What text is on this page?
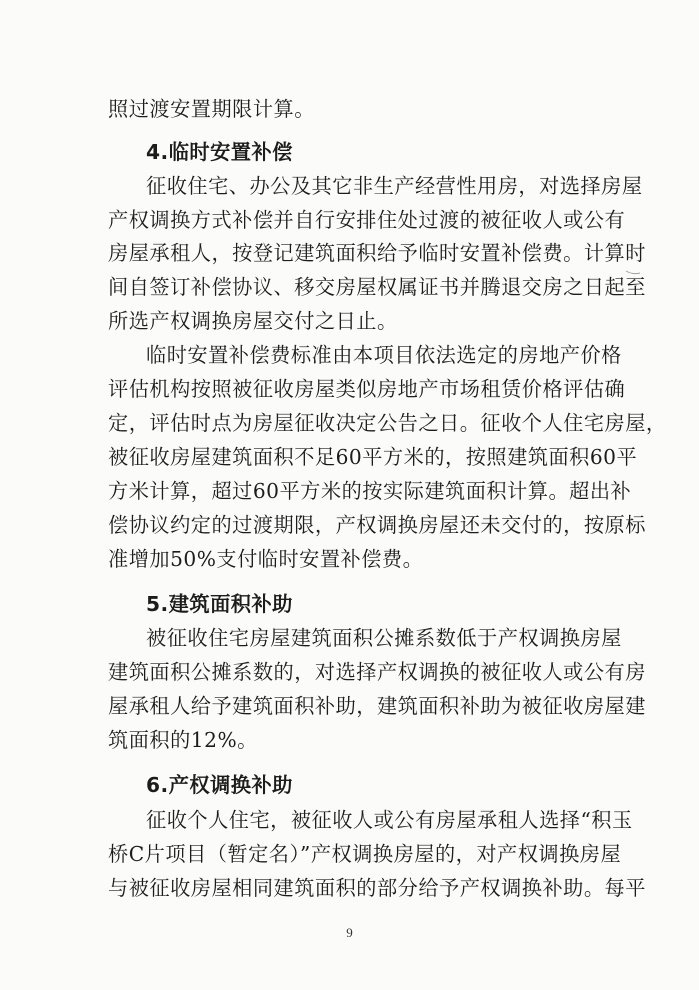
照过渡安置期限计算。
4.临时安置补偿
征收住宅、办公及其它非生产经营性用房，对选择房屋
产权调换方式补偿并自行安排住处过渡的被征收人或公有
房屋承租人，按登记建筑面积给予临时安置补偿费。计算时
间自签订补偿协议、移交房屋权属证书并腾退交房之日起至
所选产权调换房屋交付之日止。
临时安置补偿费标准由本项目依法选定的房地产价格
评估机构按照被征收房屋类似房地产市场租赁价格评估确
定，评估时点为房屋征收决定公告之日。征收个人住宅房屋，
被征收房屋建筑面积不足60平方米的，按照建筑面积60平
方米计算，超过60平方米的按实际建筑面积计算。超出补
偿协议约定的过渡期限，产权调换房屋还未交付的，按原标
准增加50%支付临时安置补偿费。
5.建筑面积补助
被征收住宅房屋建筑面积公摊系数低于产权调换房屋
建筑面积公摊系数的，对选择产权调换的被征收人或公有房
屋承租人给予建筑面积补助，建筑面积补助为被征收房屋建
筑面积的12%。
6.产权调换补助
征收个人住宅，被征收人或公有房屋承租人选择“积玉
桥C片项目（暂定名）”产权调换房屋的，对产权调换房屋
与被征收房屋相同建筑面积的部分给予产权调换补助。每平
9
